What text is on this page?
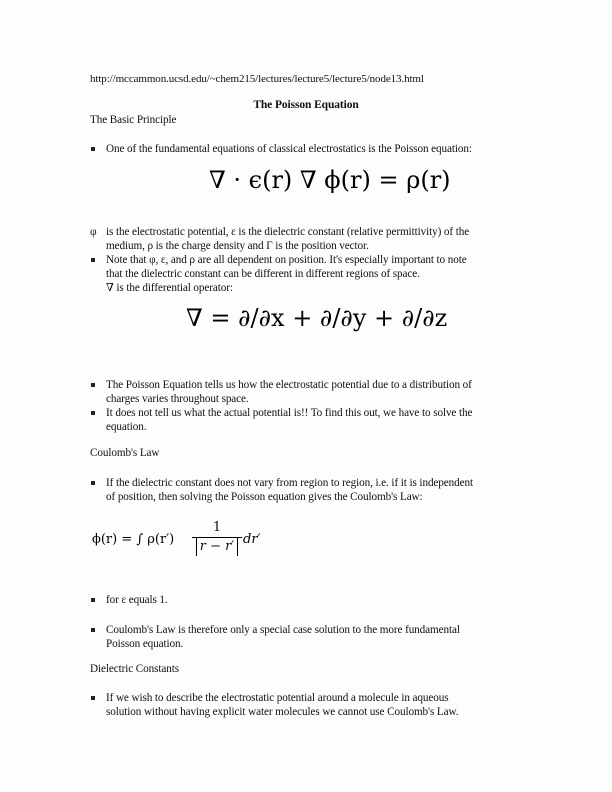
http://mccammon.ucsd.edu/~chem215/lectures/lecture5/lecture5/node13.html
The Poisson Equation
The Basic Principle
One of the fundamental equations of classical electrostatics is the Poisson equation:
∇ · ϵ(r) ∇ ϕ(r) = ρ(r)
φ is the electrostatic potential, ε is the dielectric constant (relative permittivity) of the
medium, ρ is the charge density and Γ is the position vector.
Note that φ, ε, and ρ are all dependent on position. It's especially important to note
that the dielectric constant can be different in different regions of space.
∇ is the differential operator:
∇ = ∂/∂x + ∂/∂y + ∂/∂z
The Poisson Equation tells us how the electrostatic potential due to a distribution of
charges varies throughout space.
It does not tell us what the actual potential is!! To find this out, we have to solve the
equation.
Coulomb's Law
If the dielectric constant does not vary from region to region, i.e. if it is independent
of position, then solving the Poisson equation gives the Coulomb's Law:
ϕ(r) = ∫ ρ(r′)
1
r − r′ dr′
for ε equals 1.
Coulomb's Law is therefore only a special case solution to the more fundamental
Poisson equation.
Dielectric Constants
If we wish to describe the electrostatic potential around a molecule in aqueous
solution without having explicit water molecules we cannot use Coulomb's Law.
